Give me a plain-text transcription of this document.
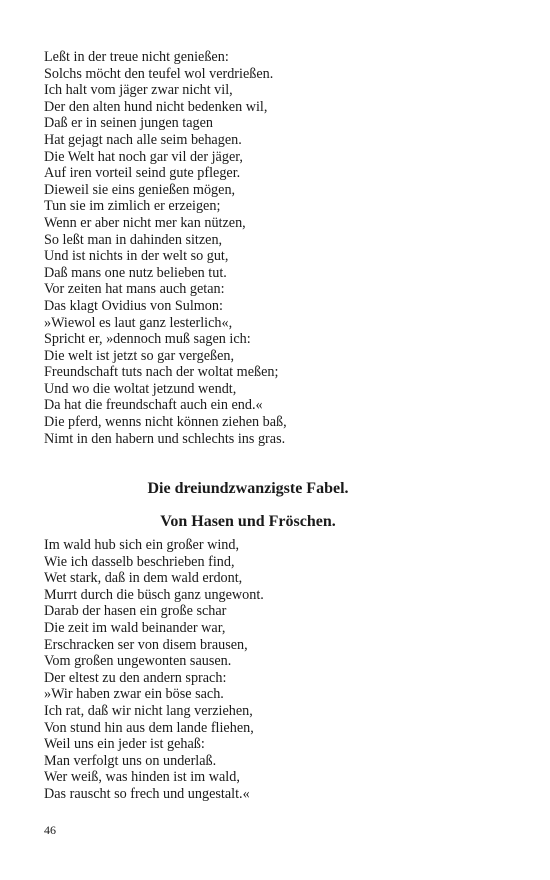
Leßt in der treue nicht genießen:
Solchs möcht den teufel wol verdrießen.
Ich halt vom jäger zwar nicht vil,
Der den alten hund nicht bedenken wil,
Daß er in seinen jungen tagen
Hat gejagt nach alle seim behagen.
Die Welt hat noch gar vil der jäger,
Auf iren vorteil seind gute pfleger.
Dieweil sie eins genießen mögen,
Tun sie im zimlich er erzeigen;
Wenn er aber nicht mer kan nützen,
So leßt man in dahinden sitzen,
Und ist nichts in der welt so gut,
Daß mans one nutz belieben tut.
Vor zeiten hat mans auch getan:
Das klagt Ovidius von Sulmon:
»Wiewol es laut ganz lesterlich«,
Spricht er, »dennoch muß sagen ich:
Die welt ist jetzt so gar vergeßen,
Freundschaft tuts nach der woltat meßen;
Und wo die woltat jetzund wendt,
Da hat die freundschaft auch ein end.«
Die pferd, wenns nicht können ziehen baß,
Nimt in den habern und schlechts ins gras.
Die dreiundzwanzigste Fabel.
Von Hasen und Fröschen.
Im wald hub sich ein großer wind,
Wie ich dasselb beschrieben find,
Wet stark, daß in dem wald erdont,
Murrt durch die büsch ganz ungewont.
Darab der hasen ein große schar
Die zeit im wald beinander war,
Erschracken ser von disem brausen,
Vom großen ungewonten sausen.
Der eltest zu den andern sprach:
»Wir haben zwar ein böse sach.
Ich rat, daß wir nicht lang verziehen,
Von stund hin aus dem lande fliehen,
Weil uns ein jeder ist gehaß:
Man verfolgt uns on underlaß.
Wer weiß, was hinden ist im wald,
Das rauscht so frech und ungestalt.«
46
